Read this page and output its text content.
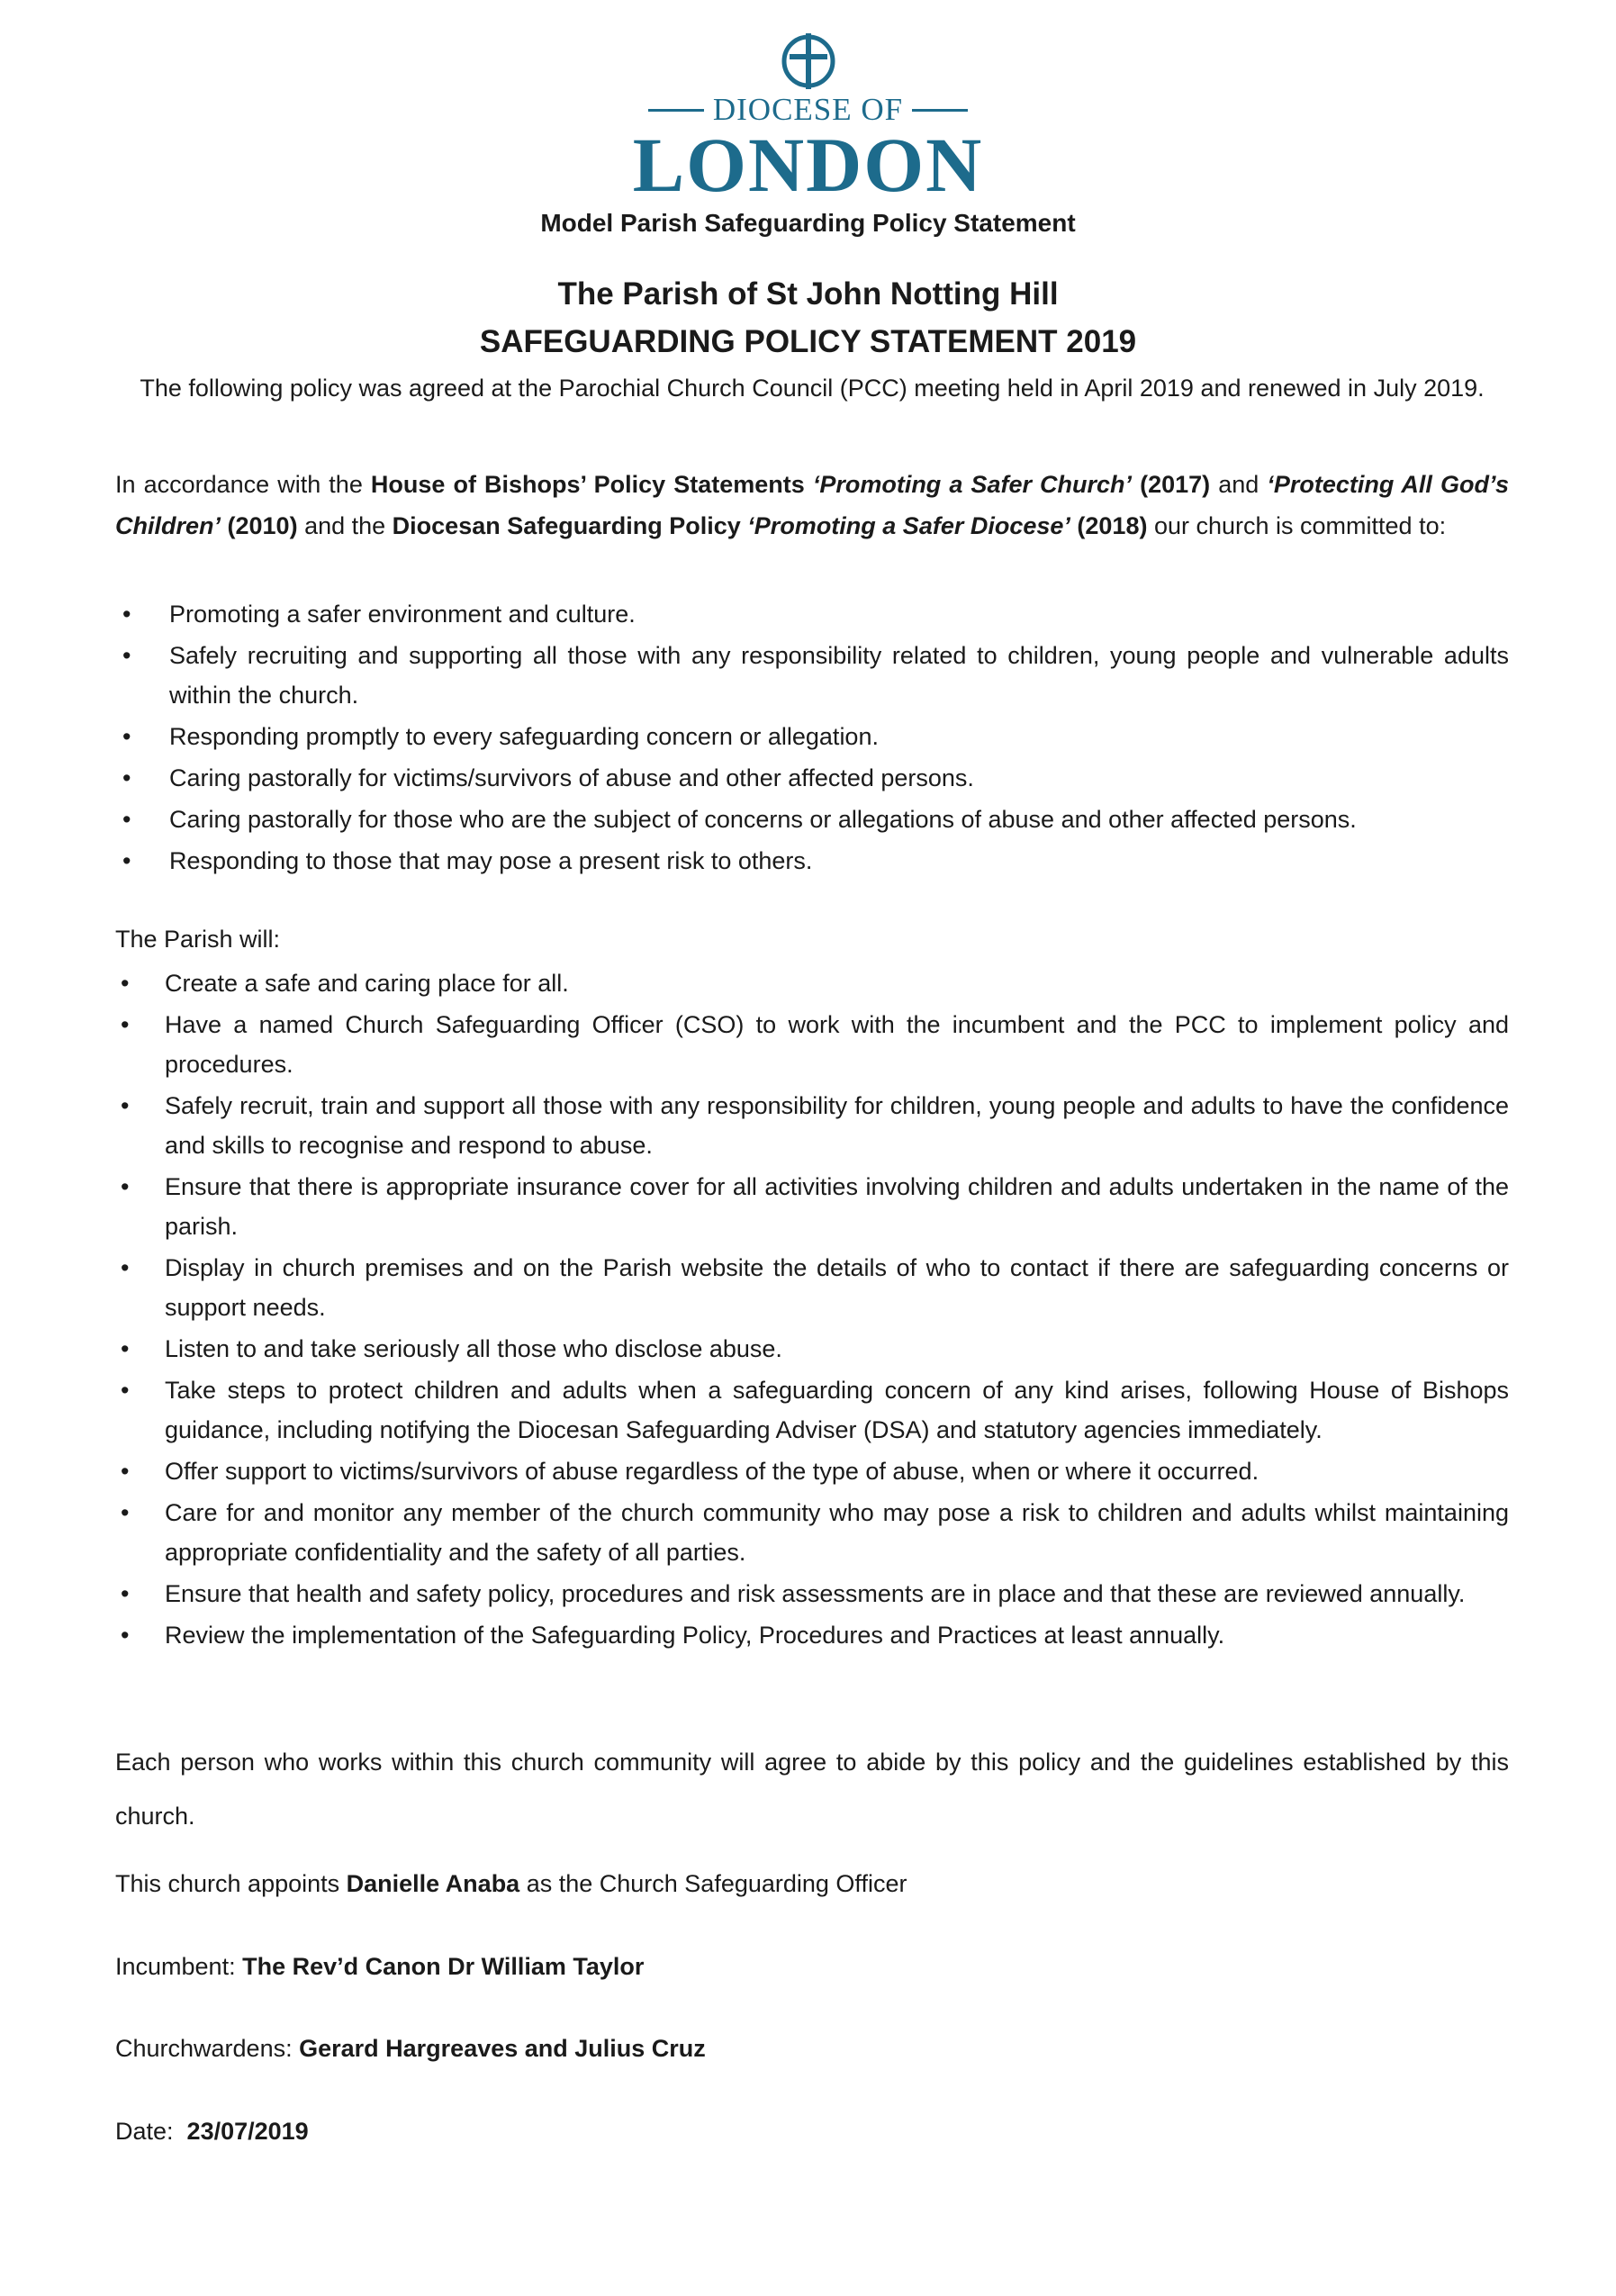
DIOCESE OF
LONDON
Model Parish Safeguarding Policy Statement
The Parish of St John Notting Hill
SAFEGUARDING POLICY STATEMENT 2019
The following policy was agreed at the Parochial Church Council (PCC) meeting held in April 2019 and renewed in July 2019.
In accordance with the House of Bishops’ Policy Statements ‘Promoting a Safer Church’ (2017) and ‘Protecting All God’s Children’ (2010) and the Diocesan Safeguarding Policy ‘Promoting a Safer Diocese’ (2018) our church is committed to:
• Promoting a safer environment and culture.
• Safely recruiting and supporting all those with any responsibility related to children, young people and vulnerable adults within the church.
• Responding promptly to every safeguarding concern or allegation.
• Caring pastorally for victims/survivors of abuse and other affected persons.
• Caring pastorally for those who are the subject of concerns or allegations of abuse and other affected persons.
• Responding to those that may pose a present risk to others.
The Parish will:
• Create a safe and caring place for all.
• Have a named Church Safeguarding Officer (CSO) to work with the incumbent and the PCC to implement policy and procedures.
• Safely recruit, train and support all those with any responsibility for children, young people and adults to have the confidence and skills to recognise and respond to abuse.
• Ensure that there is appropriate insurance cover for all activities involving children and adults undertaken in the name of the parish.
• Display in church premises and on the Parish website the details of who to contact if there are safeguarding concerns or support needs.
• Listen to and take seriously all those who disclose abuse.
• Take steps to protect children and adults when a safeguarding concern of any kind arises, following House of Bishops guidance, including notifying the Diocesan Safeguarding Adviser (DSA) and statutory agencies immediately.
• Offer support to victims/survivors of abuse regardless of the type of abuse, when or where it occurred.
• Care for and monitor any member of the church community who may pose a risk to children and adults whilst maintaining appropriate confidentiality and the safety of all parties.
• Ensure that health and safety policy, procedures and risk assessments are in place and that these are reviewed annually.
• Review the implementation of the Safeguarding Policy, Procedures and Practices at least annually.
Each person who works within this church community will agree to abide by this policy and the guidelines established by this church.
This church appoints Danielle Anaba as the Church Safeguarding Officer
Incumbent: The Rev’d Canon Dr William Taylor
Churchwardens: Gerard Hargreaves and Julius Cruz
Date:  23/07/2019
